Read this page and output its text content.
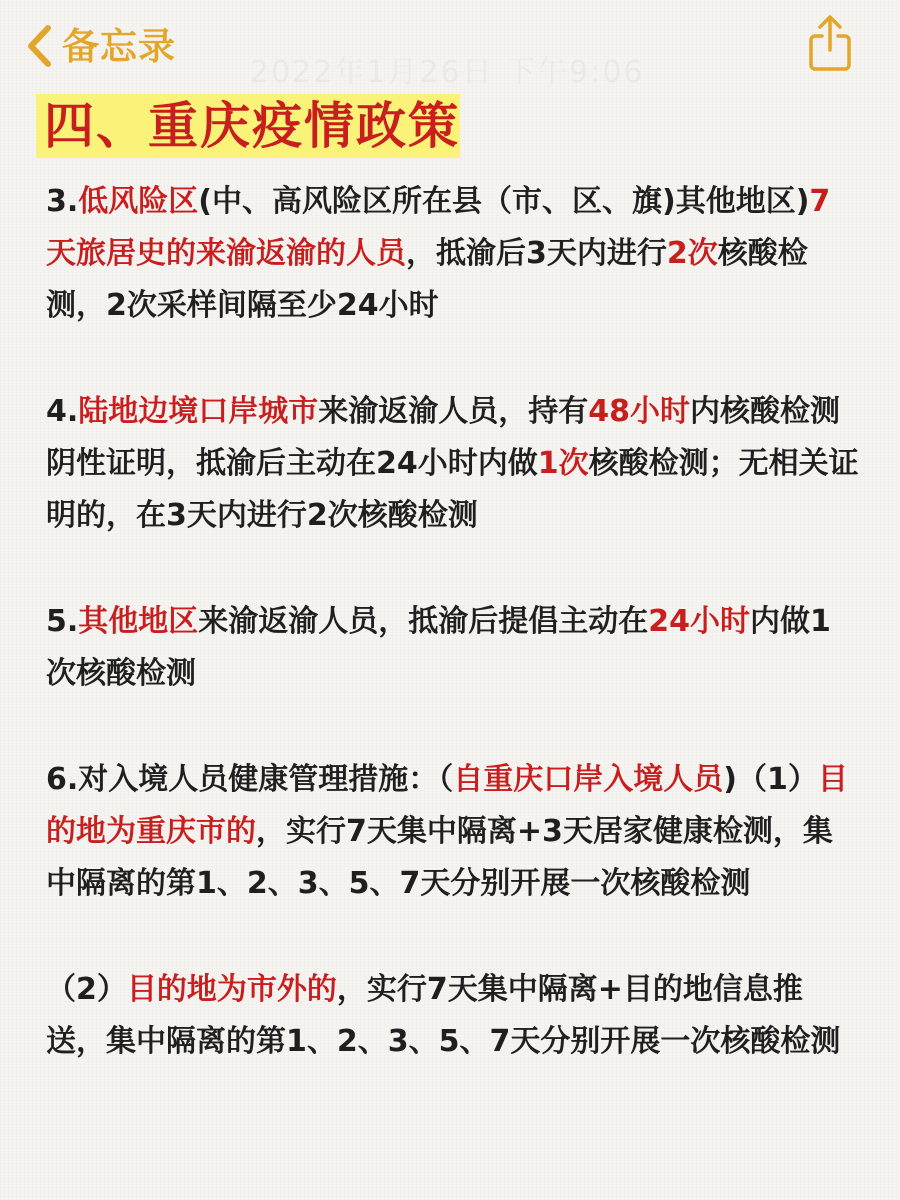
备忘录
2022年1月26日 下午9:06
四、重庆疫情政策

3.低风险区(中、高风险区所在县（市、区、旗)其他地区)7天旅居史的来渝返渝的人员，抵渝后3天内进行2次核酸检测，2次采样间隔至少24小时

4.陆地边境口岸城市来渝返渝人员，持有48小时内核酸检测阴性证明，抵渝后主动在24小时内做1次核酸检测；无相关证明的，在3天内进行2次核酸检测

5.其他地区来渝返渝人员，抵渝后提倡主动在24小时内做1次核酸检测

6.对入境人员健康管理措施：（自重庆口岸入境人员)（1）目的地为重庆市的，实行7天集中隔离+3天居家健康检测，集中隔离的第1、2、3、5、7天分别开展一次核酸检测

（2）目的地为市外的，实行7天集中隔离+目的地信息推送，集中隔离的第1、2、3、5、7天分别开展一次核酸检测
